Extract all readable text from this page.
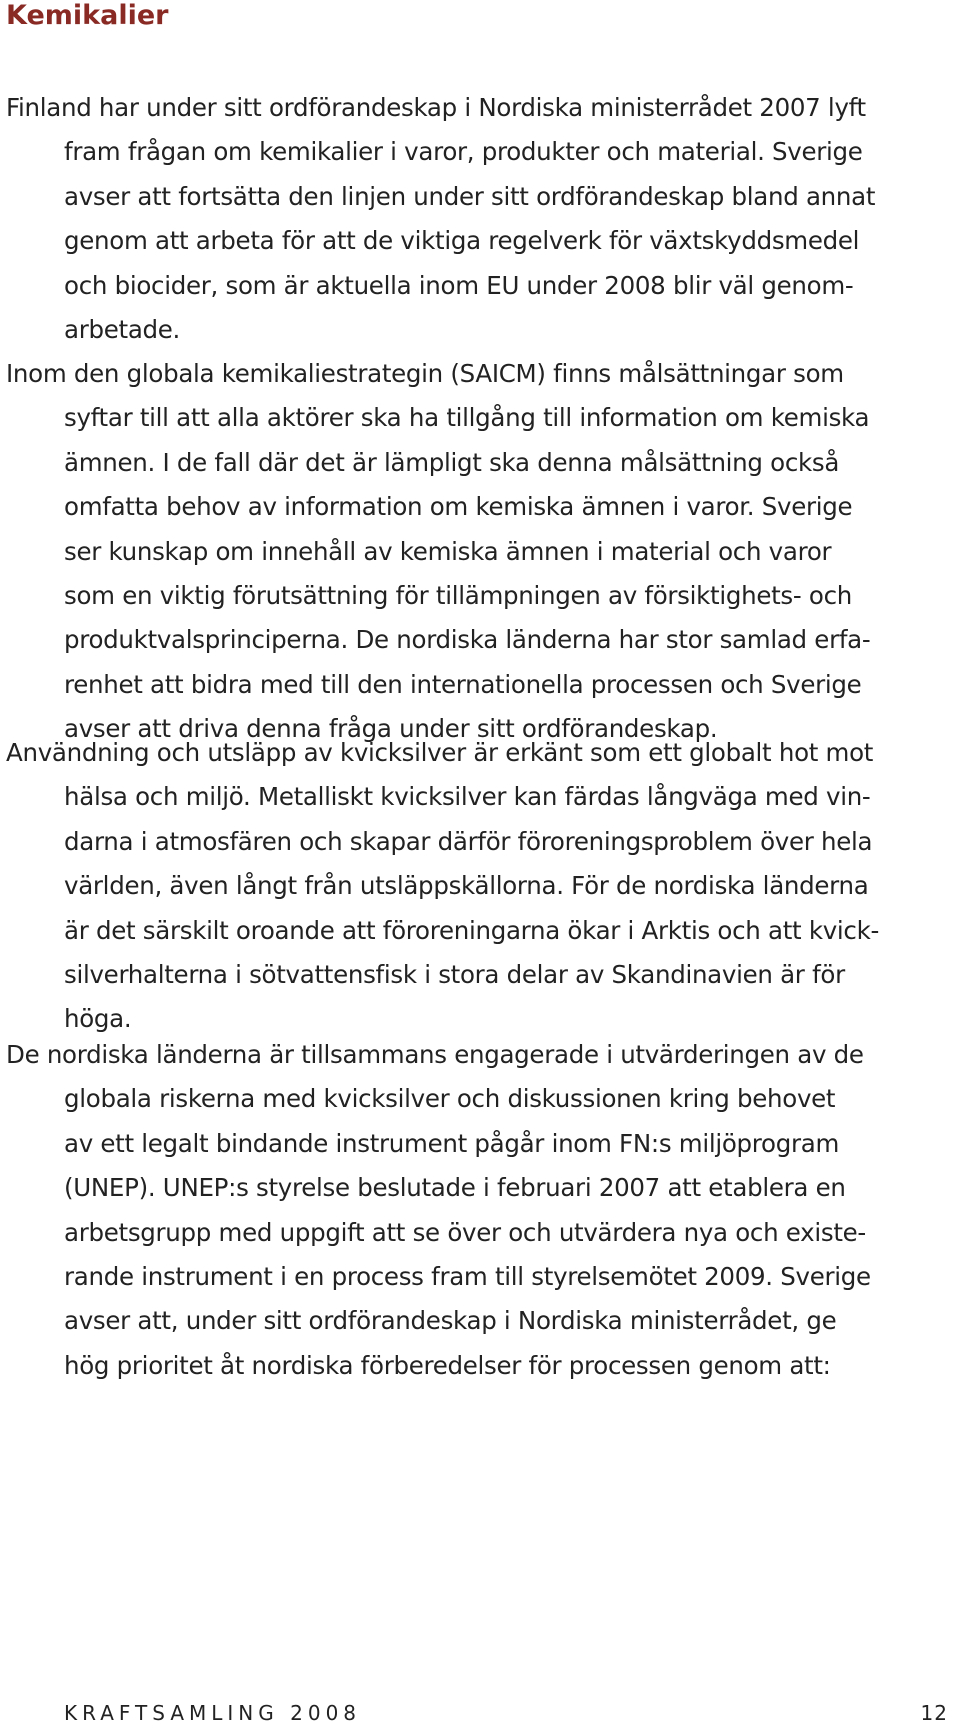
Kemikalier
Finland har under sitt ordförandeskap i Nordiska ministerrådet 2007 lyft
fram frågan om kemikalier i varor, produkter och material. Sverige
avser att fortsätta den linjen under sitt ordförandeskap bland annat
genom att arbeta för att de viktiga regelverk för växtskyddsmedel
och biocider, som är aktuella inom EU under 2008 blir väl genom-
arbetade.
Inom den globala kemikaliestrategin (SAICM) finns målsättningar som
syftar till att alla aktörer ska ha tillgång till information om kemiska
ämnen. I de fall där det är lämpligt ska denna målsättning också
omfatta behov av information om kemiska ämnen i varor. Sverige
ser kunskap om innehåll av kemiska ämnen i material och varor
som en viktig förutsättning för tillämpningen av försiktighets- och
produktvalsprinciperna. De nordiska länderna har stor samlad erfa-
renhet att bidra med till den internationella processen och Sverige
avser att driva denna fråga under sitt ordförandeskap.
Användning och utsläpp av kvicksilver är erkänt som ett globalt hot mot
hälsa och miljö. Metalliskt kvicksilver kan färdas långväga med vin-
darna i atmosfären och skapar därför föroreningsproblem över hela
världen, även långt från utsläppskällorna. För de nordiska länderna
är det särskilt oroande att föroreningarna ökar i Arktis och att kvick-
silverhalterna i sötvattensfisk i stora delar av Skandinavien är för
höga.
De nordiska länderna är tillsammans engagerade i utvärderingen av de
globala riskerna med kvicksilver och diskussionen kring behovet
av ett legalt bindande instrument pågår inom FN:s miljöprogram
(UNEP). UNEP:s styrelse beslutade i februari 2007 att etablera en
arbetsgrupp med uppgift att se över och utvärdera nya och existe-
rande instrument i en process fram till styrelsemötet 2009. Sverige
avser att, under sitt ordförandeskap i Nordiska ministerrådet, ge
hög prioritet åt nordiska förberedelser för processen genom att:
KRAFTSAMLING 2008	12
